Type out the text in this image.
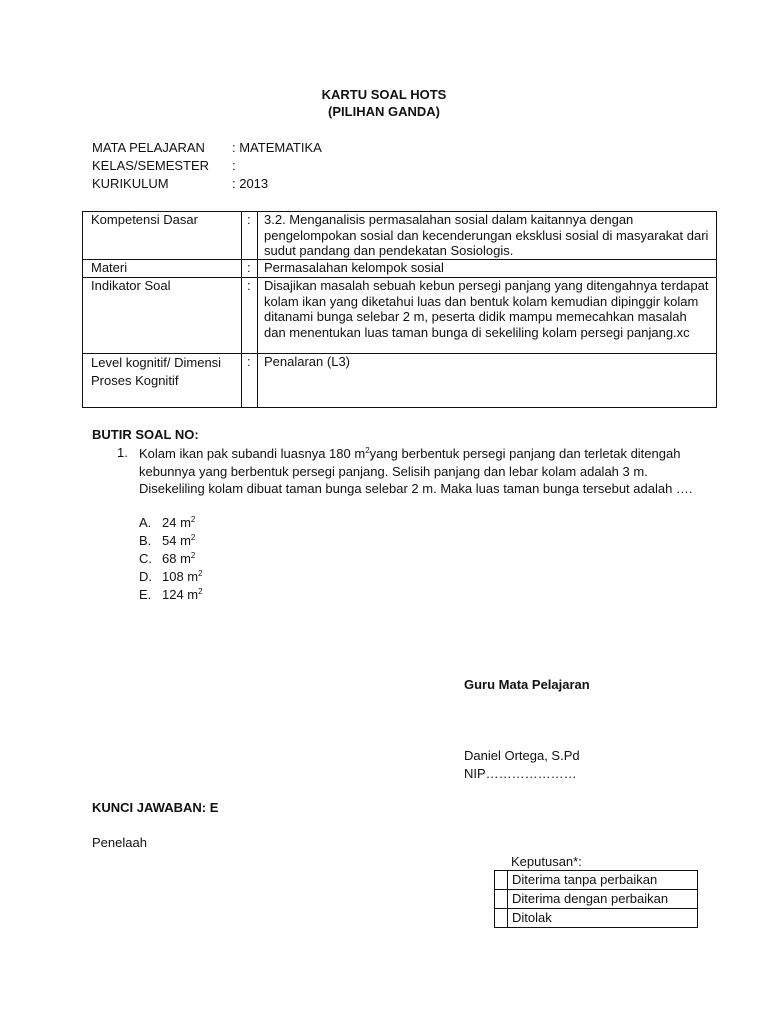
KARTU SOAL HOTS
(PILIHAN GANDA)
MATA PELAJARAN : MATEMATIKA
KELAS/SEMESTER :
KURIKULUM	: 2013
Kompetensi Dasar	:	3.2. Menganalisis permasalahan sosial dalam kaitannya dengan pengelompokan sosial dan kecenderungan eksklusi sosial di masyarakat dari sudut pandang dan pendekatan Sosiologis.
Materi	:	Permasalahan kelompok sosial
Indikator Soal	:	Disajikan masalah sebuah kebun persegi panjang yang ditengahnya terdapat kolam ikan yang diketahui luas dan bentuk kolam kemudian dipinggir kolam ditanami bunga selebar 2 m, peserta didik mampu memecahkan masalah dan menentukan luas taman bunga di sekeliling kolam persegi panjang.xc
Level kognitif/ Dimensi Proses Kognitif	:	Penalaran (L3)
BUTIR SOAL NO:
1. Kolam ikan pak subandi luasnya 180 $m^2yang$ berbentuk persegi panjang dan terletak ditengah kebunnya yang berbentuk persegi panjang. Selisih panjang dan lebar kolam adalah 3 m. Disekeliling kolam dibuat taman bunga selebar 2 m. Maka luas taman bunga tersebut adalah ….
A. 24 $m^2$
B. 54 $m^2$
C. 68 $m^2$
D. 108 $m^2$
E. 124 $m^2$
Guru Mata Pelajaran
Daniel Ortega, S.Pd
NIP…………………
KUNCI JAWABAN: E
Penelaah
Keputusan*:
	Diterima tanpa perbaikan
	Diterima dengan perbaikan
	Ditolak
